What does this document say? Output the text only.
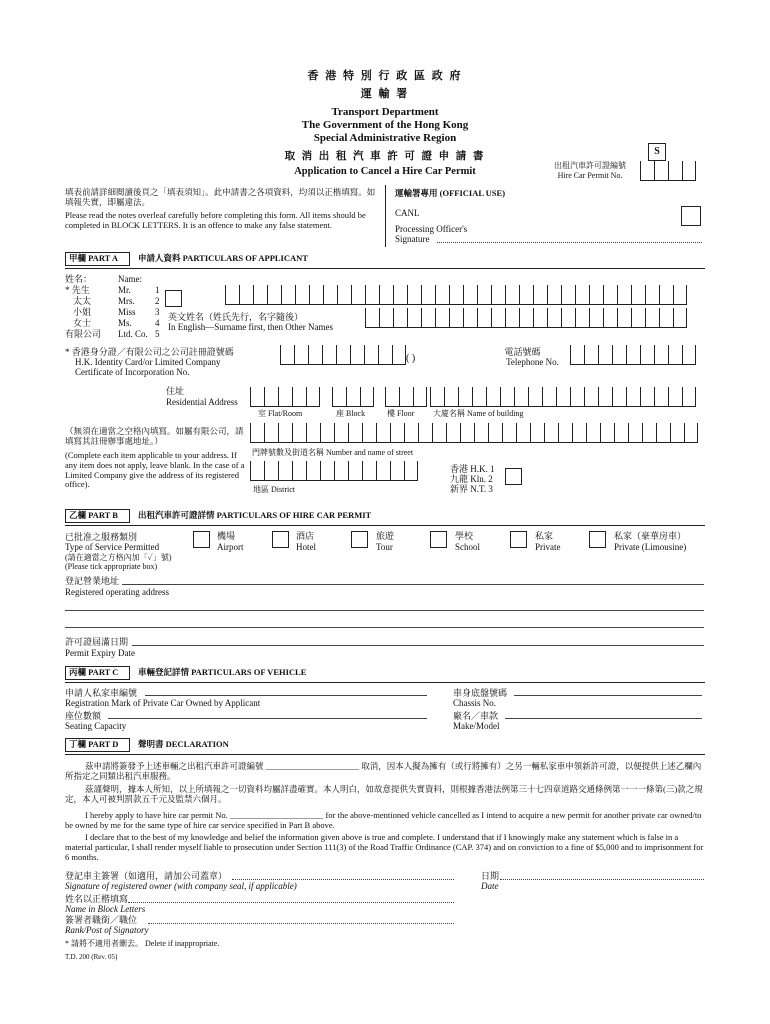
香 港 特 別 行 政 區 政 府
運 輸 署
Transport Department
The Government of the Hong Kong
Special Administrative Region
取 消 出 租 汽 車 許 可 證 申 請 書
Application to Cancel a Hire Car Permit
S
出租汽車許可證編號
Hire Car Permit No.
填表前請詳細閱讀後頁之「填表須知」。此申請書之各項資料，均須以正楷填寫。如填報失實，即屬違法。
Please read the notes overleaf carefully before completing this form. All items should be completed in BLOCK LETTERS. It is an offence to make any false statement.
運輸署專用 (OFFICIAL USE)
CANL
Processing Officer's
Signature
甲欄 PART A	申請人資料 PARTICULARS OF APPLICANT
姓名：	Name:
* 先生	Mr.	1
太太	Mrs. 2
小姐	Miss 3
女士	Ms.	4
有限公司 Ltd. Co. 5
英文姓名（姓氏先行，名字隨後）
In English—Surname first, then Other Names
* 香港身分證／有限公司之公司註冊證號碼
H.K. Identity Card/or Limited Company
Certificate of Incorporation No.
( )
電話號碼
Telephone No.
住址
Residential Address
室 Flat/Room	座 Block	樓 Floor 大廈名稱 Name of building
（無須在適當之空格內填寫。如屬有限公司，請填寫其註冊辦事處地址。）
(Complete each item applicable to your address. If any item does not apply, leave blank. In the case of a Limited Company give the address of its registered office).
門牌號數及街道名稱 Number and name of street
地區 District
香港 H.K. 1
九龍 Kln. 2
新界 N.T. 3
乙欄 PART B	出租汽車許可證詳情 PARTICULARS OF HIRE CAR PERMIT
已批准之服務類別
Type of Service Permitted
(請在適當之方格內加「✓」號)
(Please tick appropriate box)
機場
Airport
酒店
Hotel
旅遊
Tour
學校
School
私家
Private
私家（豪華房車）
Private (Limousine)
登記營業地址
Registered operating address
許可證屆滿日期
Permit Expiry Date
丙欄 PART C	車輛登記詳情 PARTICULARS OF VEHICLE
申請人私家車編號
Registration Mark of Private Car Owned by Applicant
座位數額
Seating Capacity
車身底盤號碼
Chassis No.
廠名／車款
Make/Model
丁欄 PART D	聲明書 DECLARATION
茲申請將簽發予上述車輛之出租汽車許可證編號 ______________________ 取消，因本人擬為擁有（或行將擁有）之另一輛私家車申領新許可證，以便提供上述乙欄內所指定之同類出租汽車服務。
茲謹聲明，據本人所知，以上所填報之一切資料均屬詳盡確實。本人明白，如故意提供失實資料，則根據香港法例第三十七四章道路交通條例第一一一條第(三)款之規定，本人可被判罰款五千元及監禁六個月。
I hereby apply to have hire car permit No. ______________________ for the above-mentioned vehicle cancelled as I intend to acquire a new permit for another private car owned/to be owned by me for the same type of hire car service specified in Part B above.
I declare that to the best of my knowledge and belief the information given above is true and complete. I understand that if I knowingly make any statement which is false in a material particular, I shall render myself liable to prosecution under Section 111(3) of the Road Traffic Ordinance (CAP. 374) and on conviction to a fine of $5,000 and to imprisonment for 6 months.
登記車主簽署（如適用，請加公司蓋章）
Signature of registered owner (with company seal, if applicable)
日期
Date
姓名以正楷填寫
Name in Block Letters
簽署者職銜／職位
Rank/Post of Signatory
* 請將不適用者刪去。 Delete if inappropriate.
T.D. 200 (Rev. 05)
